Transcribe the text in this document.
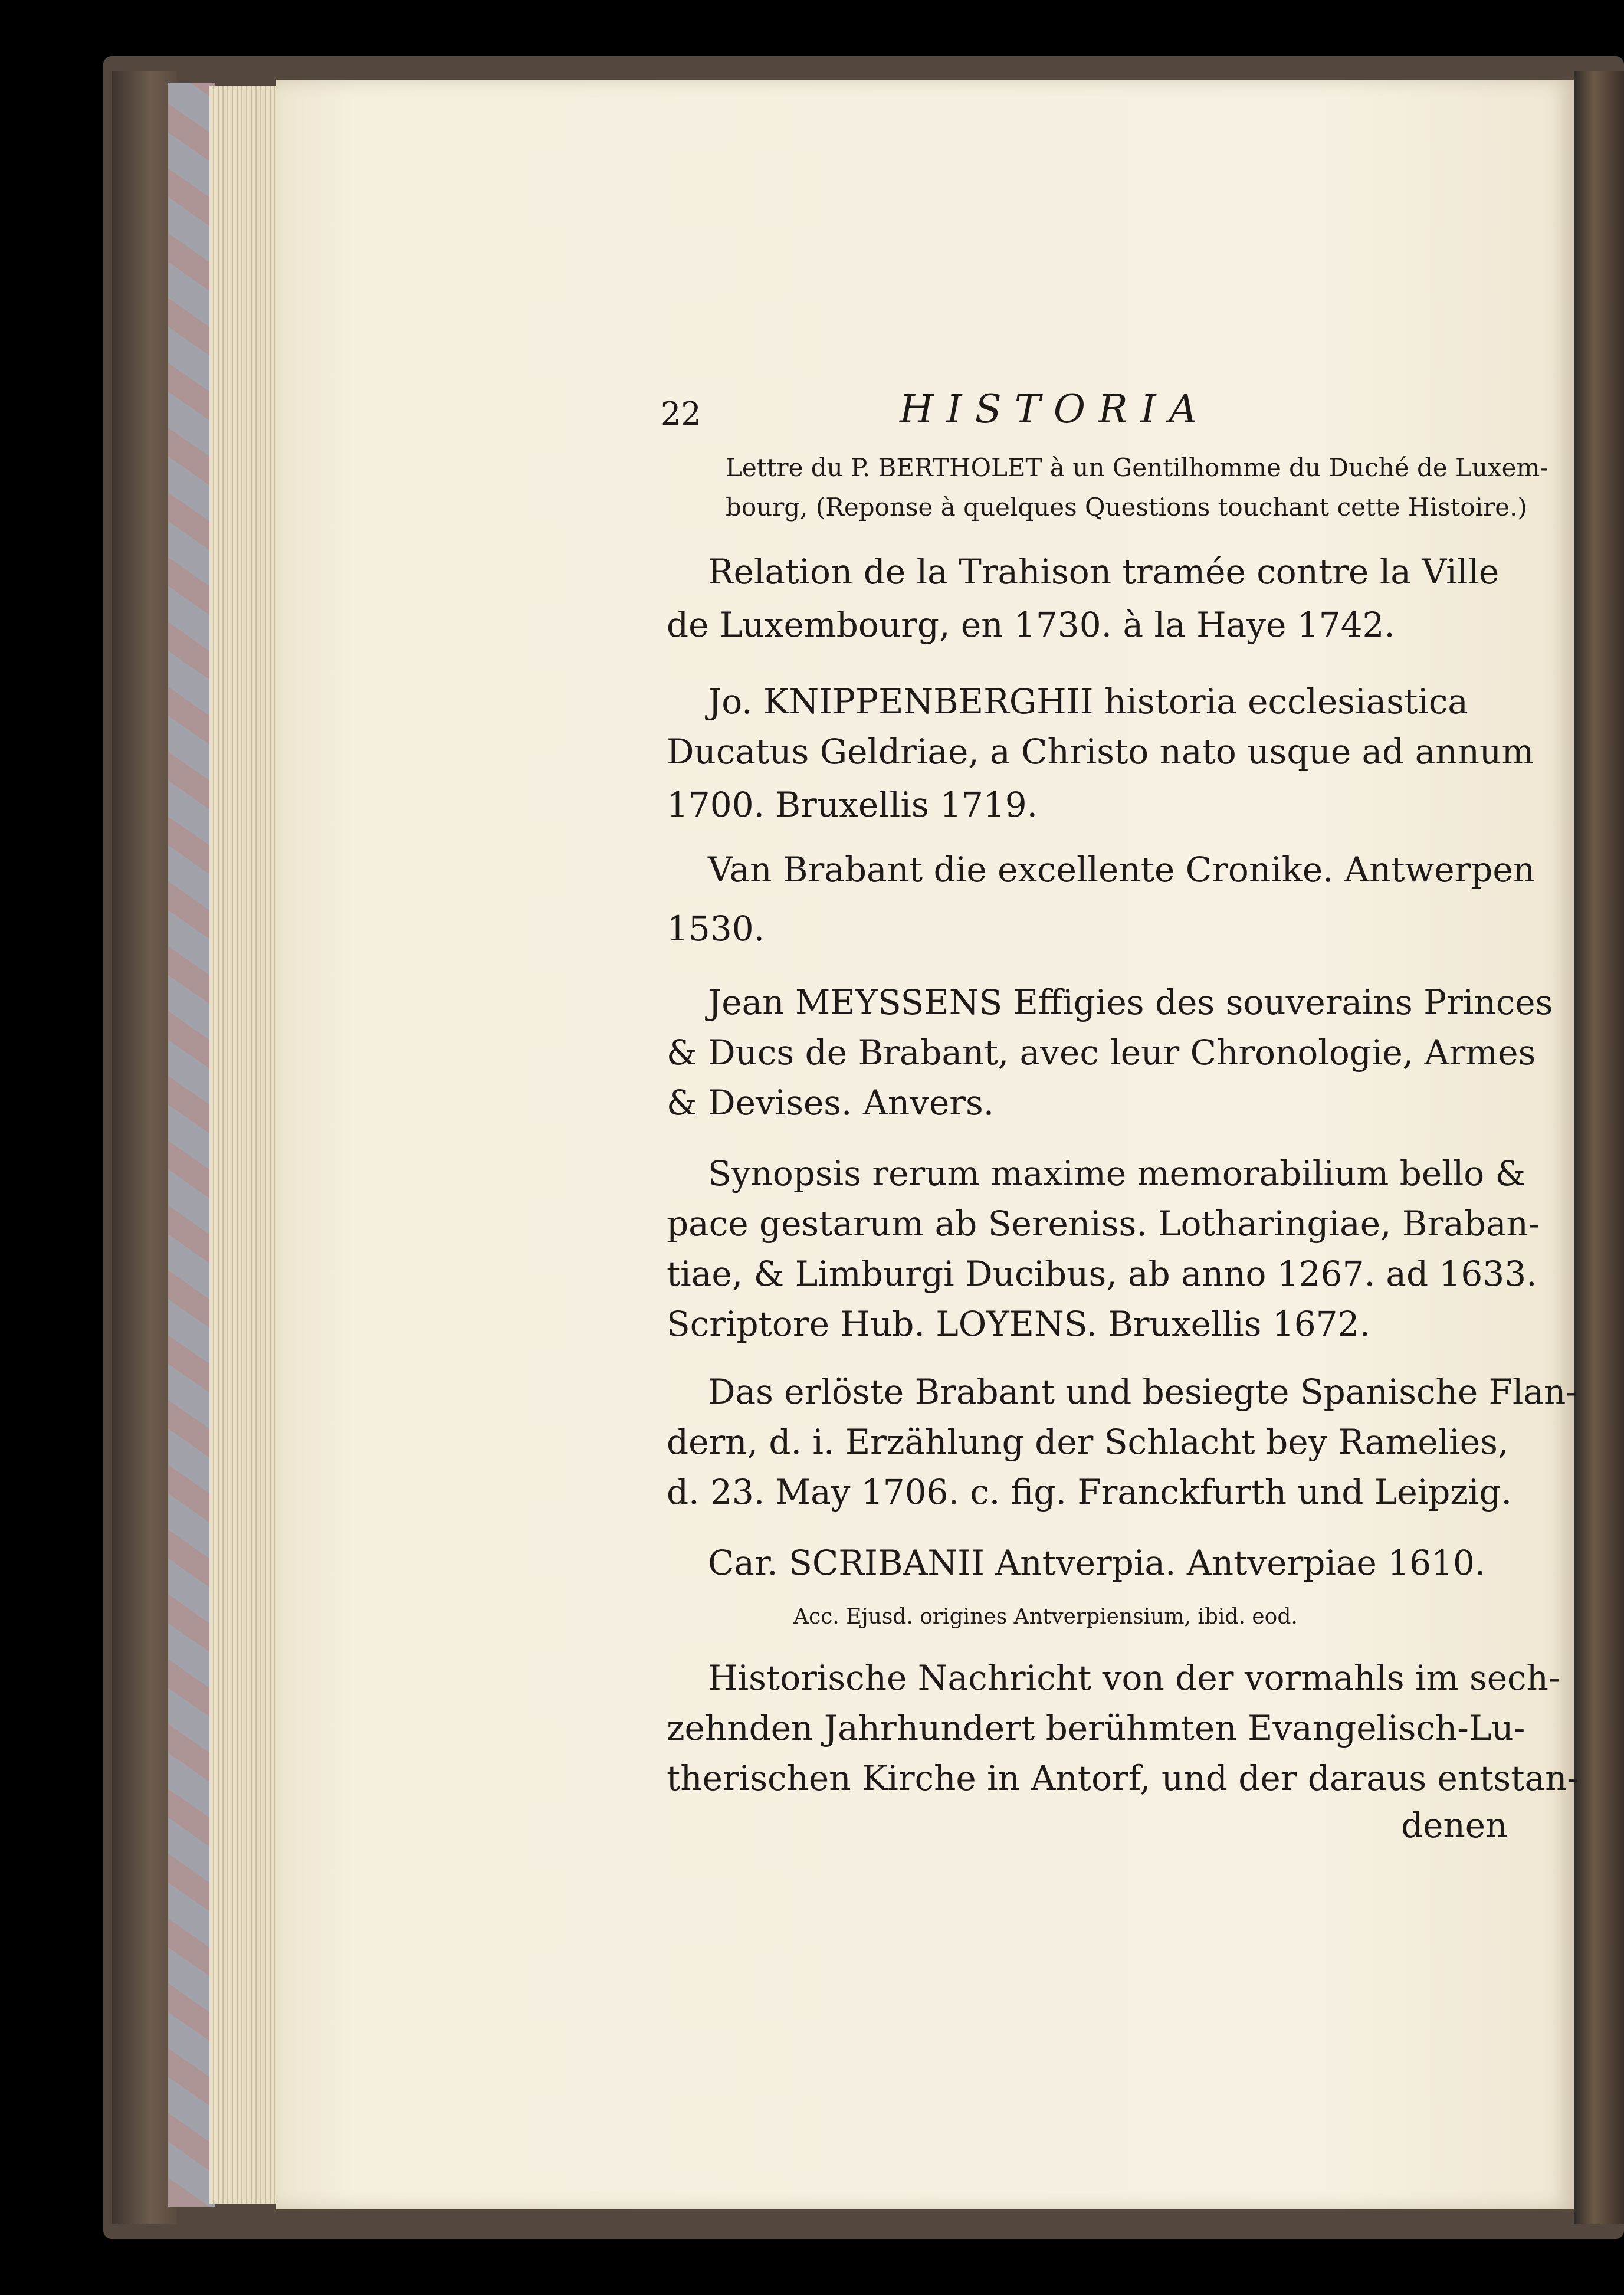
22	HISTORIA
Lettre du P. BERTHOLET à un Gentilhomme du Duché de Luxem-
bourg, (Reponse à quelques Questions touchant cette Histoire.)
Relation de la Trahison tramée contre la Ville
de Luxembourg, en 1730. à la Haye 1742.
Jo. KNIPPENBERGHII historia ecclesiastica
Ducatus Geldriae, a Christo nato usque ad annum
1700. Bruxellis 1719.
Van Brabant die excellente Cronike. Antwerpen
1530.
Jean MEYSSENS Effigies des souverains Princes
& Ducs de Brabant, avec leur Chronologie, Armes
& Devises. Anvers.
Synopsis rerum maxime memorabilium bello &
pace gestarum ab Sereniss. Lotharingiae, Braban-
tiae, & Limburgi Ducibus, ab anno 1267. ad 1633.
Scriptore Hub. LOYENS. Bruxellis 1672.
Das erlöste Brabant und besiegte Spanische Flan-
dern, d. i. Erzählung der Schlacht bey Ramelies,
d. 23. May 1706. c. fig. Franckfurth und Leipzig.
Car. SCRIBANII Antverpia. Antverpiae 1610.
Acc. Ejusd. origines Antverpiensium, ibid. eod.
Historische Nachricht von der vormahls im sech-
zehnden Jahrhundert berühmten Evangelisch-Lu-
therischen Kirche in Antorf, und der daraus entstan-
denen
